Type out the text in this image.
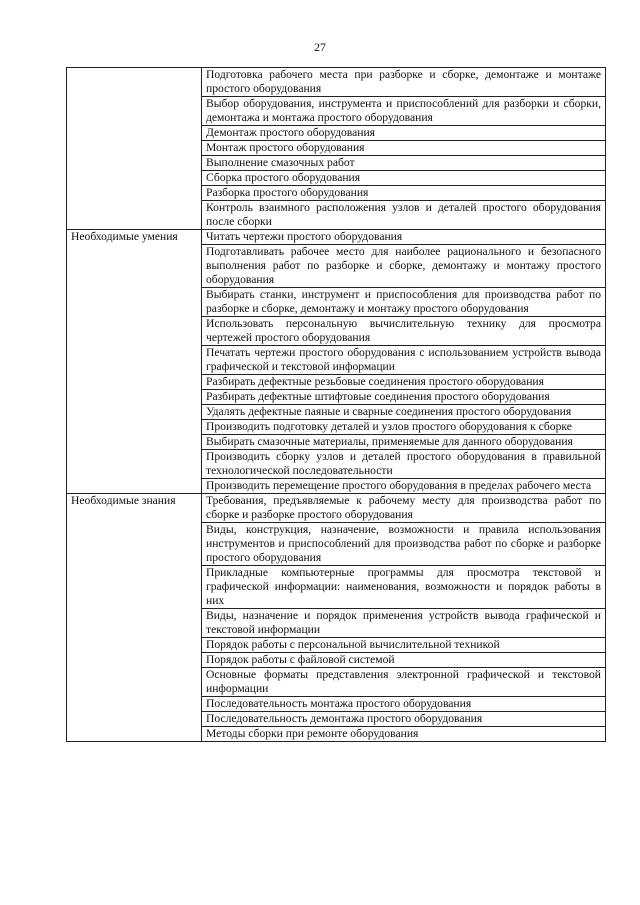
27
	Подготовка рабочего места при разборке и сборке, демонтаже и монтаже простого оборудования
	Выбор оборудования, инструмента и приспособлений для разборки и сборки, демонтажа и монтажа простого оборудования
	Демонтаж простого оборудования
	Монтаж простого оборудования
	Выполнение смазочных работ
	Сборка простого оборудования
	Разборка простого оборудования
	Контроль взаимного расположения узлов и деталей простого оборудования после сборки
Необходимые умения	Читать чертежи простого оборудования
	Подготавливать рабочее место для наиболее рационального и безопасного выполнения работ по разборке и сборке, демонтажу и монтажу простого оборудования
	Выбирать станки, инструмент и приспособления для производства работ по разборке и сборке, демонтажу и монтажу простого оборудования
	Использовать персональную вычислительную технику для просмотра чертежей простого оборудования
	Печатать чертежи простого оборудования с использованием устройств вывода графической и текстовой информации
	Разбирать дефектные резьбовые соединения простого оборудования
	Разбирать дефектные штифтовые соединения простого оборудования
	Удалять дефектные паяные и сварные соединения простого оборудования
	Производить подготовку деталей и узлов простого оборудования к сборке
	Выбирать смазочные материалы, применяемые для данного оборудования
	Производить сборку узлов и деталей простого оборудования в правильной технологической последовательности
	Производить перемещение простого оборудования в пределах рабочего места
Необходимые знания	Требования, предъявляемые к рабочему месту для производства работ по сборке и разборке простого оборудования
	Виды, конструкция, назначение, возможности и правила использования инструментов и приспособлений для производства работ по сборке и разборке простого оборудования
	Прикладные компьютерные программы для просмотра текстовой и графической информации: наименования, возможности и порядок работы в них
	Виды, назначение и порядок применения устройств вывода графической и текстовой информации
	Порядок работы с персональной вычислительной техникой
	Порядок работы с файловой системой
	Основные форматы представления электронной графической и текстовой информации
	Последовательность монтажа простого оборудования
	Последовательность демонтажа простого оборудования
	Методы сборки при ремонте оборудования
